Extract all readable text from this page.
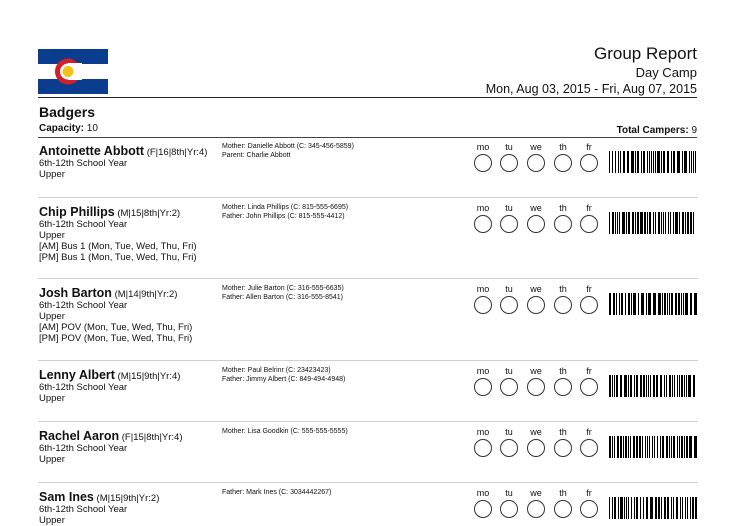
Group Report
Day Camp
Mon, Aug 03, 2015 - Fri, Aug 07, 2015
Badgers
Capacity: 10	Total Campers: 9
Antoinette Abbott (F|16|8th|Yr:4)
6th-12th School Year
Upper
Mother: Danielle Abbott (C: 345-456-5859)
Parent: Charlie Abbott
mo	tu	we	th	fr
Chip Phillips (M|15|8th|Yr:2)
6th-12th School Year
Upper
[AM] Bus 1 (Mon, Tue, Wed, Thu, Fri)
[PM] Bus 1 (Mon, Tue, Wed, Thu, Fri)
Mother: Linda Phillips (C: 815-555-6695)
Father: John Phillips (C: 815-555-4412)
mo	tu	we	th	fr
Josh Barton (M|14|9th|Yr:2)
6th-12th School Year
Upper
[AM] POV (Mon, Tue, Wed, Thu, Fri)
[PM] POV (Mon, Tue, Wed, Thu, Fri)
Mother: Julie Barton (C: 316-555-6635)
Father: Allen Barton (C: 316-555-8541)
mo	tu	we	th	fr
Lenny Albert (M|15|9th|Yr:4)
6th-12th School Year
Upper
Mother: Paul Belrinr (C: 23423423)
Father: Jimmy Albert (C: 849-494-4948)
mo	tu	we	th	fr
Rachel Aaron (F|15|8th|Yr:4)
6th-12th School Year
Upper
Mother: Lisa Goodkin (C: 555-555-5555)	mo	tu	we	th	fr
Sam Ines (M|15|9th|Yr:2)
6th-12th School Year
Upper
Father: Mark Ines (C: 3034442267)	mo	tu	we	th	fr
